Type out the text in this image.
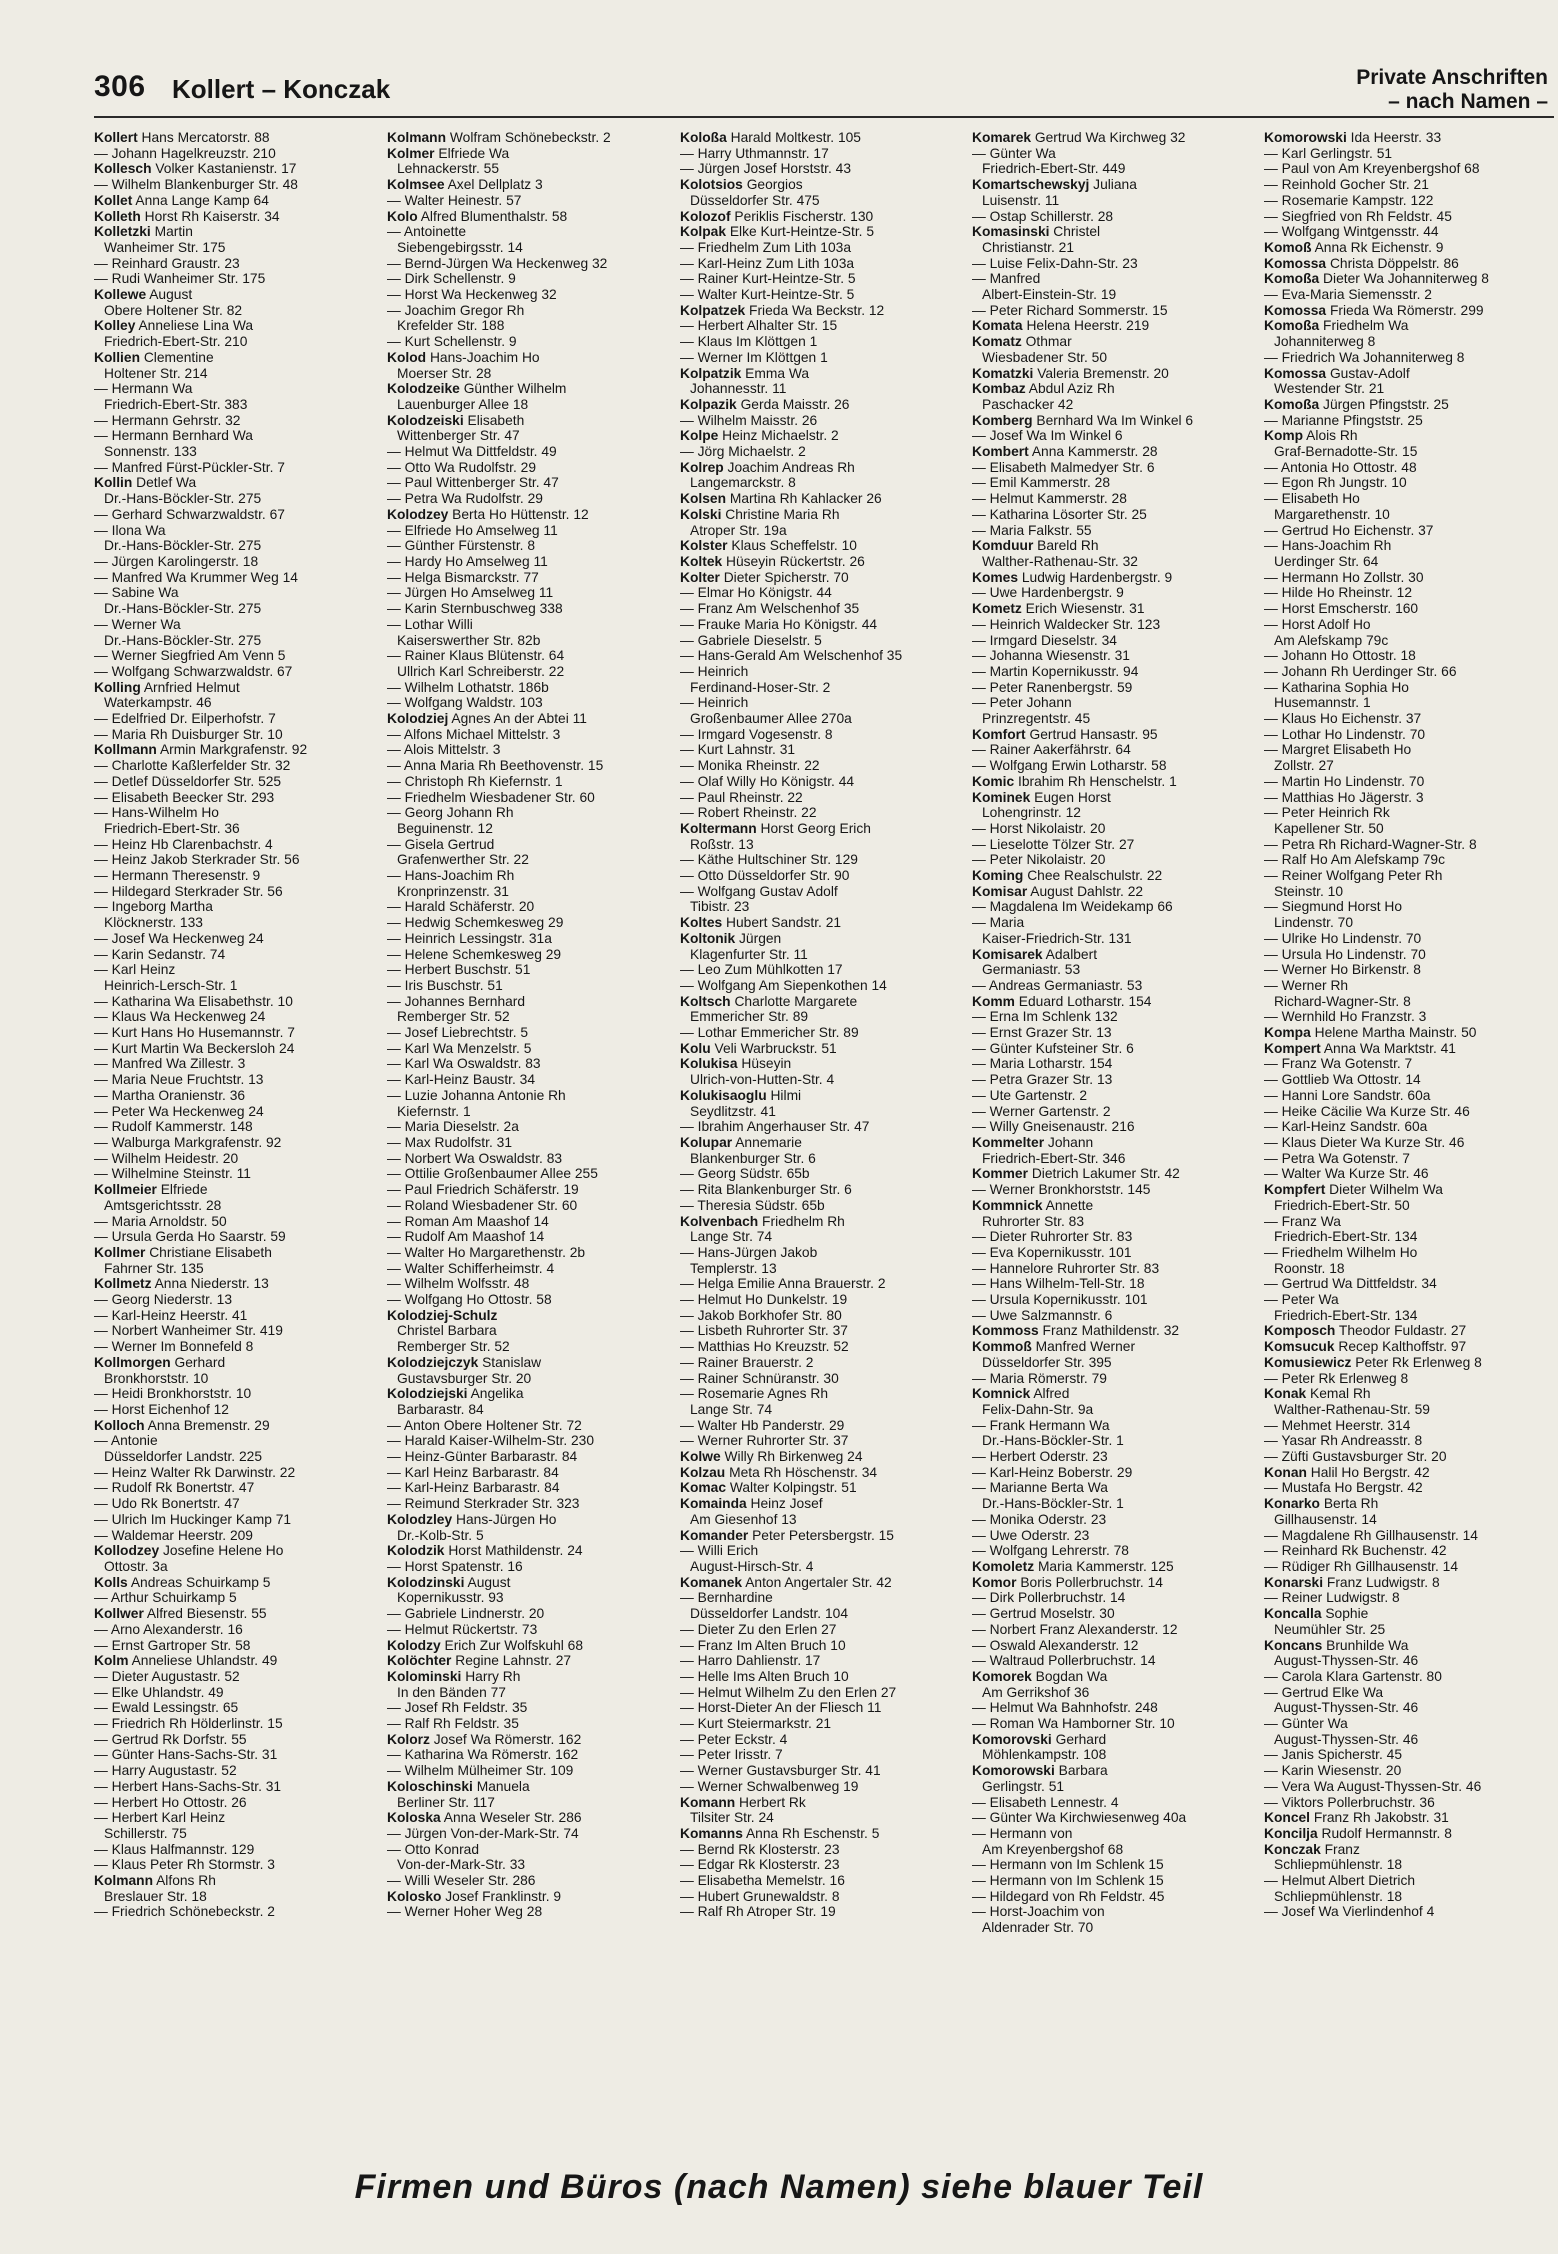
306 Kollert – Konczak	Private Anschriften
– nach Namen –
Kollert Hans Mercatorstr. 88
— Johann Hagelkreuzstr. 210
Kollesch Volker Kastanienstr. 17
— Wilhelm Blankenburger Str. 48
Kollet Anna Lange Kamp 64
Kolleth Horst Rh Kaiserstr. 34
Kolletzki Martin
Wanheimer Str. 175
— Reinhard Graustr. 23
— Rudi Wanheimer Str. 175
Kollewe August
Obere Holtener Str. 82
Kolley Anneliese Lina Wa
Friedrich-Ebert-Str. 210
Kollien Clementine
Holtener Str. 214
— Hermann Wa
Friedrich-Ebert-Str. 383
— Hermann Gehrstr. 32
— Hermann Bernhard Wa
Sonnenstr. 133
— Manfred Fürst-Pückler-Str. 7
Kollin Detlef Wa
Dr.-Hans-Böckler-Str. 275
— Gerhard Schwarzwaldstr. 67
— Ilona Wa
Dr.-Hans-Böckler-Str. 275
— Jürgen Karolingerstr. 18
— Manfred Wa Krummer Weg 14
— Sabine Wa
Dr.-Hans-Böckler-Str. 275
— Werner Wa
Dr.-Hans-Böckler-Str. 275
— Werner Siegfried Am Venn 5
— Wolfgang Schwarzwaldstr. 67
Kolling Arnfried Helmut
Waterkampstr. 46
— Edelfried Dr. Eilperhofstr. 7
— Maria Rh Duisburger Str. 10
Kollmann Armin Markgrafenstr. 92
— Charlotte Kaßlerfelder Str. 32
— Detlef Düsseldorfer Str. 525
— Elisabeth Beecker Str. 293
— Hans-Wilhelm Ho
Friedrich-Ebert-Str. 36
— Heinz Hb Clarenbachstr. 4
— Heinz Jakob Sterkrader Str. 56
— Hermann Theresenstr. 9
— Hildegard Sterkrader Str. 56
— Ingeborg Martha
Klöcknerstr. 133
— Josef Wa Heckenweg 24
— Karin Sedanstr. 74
— Karl Heinz
Heinrich-Lersch-Str. 1
— Katharina Wa Elisabethstr. 10
— Klaus Wa Heckenweg 24
— Kurt Hans Ho Husemannstr. 7
— Kurt Martin Wa Beckersloh 24
— Manfred Wa Zillestr. 3
— Maria Neue Fruchtstr. 13
— Martha Oranienstr. 36
— Peter Wa Heckenweg 24
— Rudolf Kammerstr. 148
— Walburga Markgrafenstr. 92
— Wilhelm Heidestr. 20
— Wilhelmine Steinstr. 11
Kollmeier Elfriede
Amtsgerichtsstr. 28
— Maria Arnoldstr. 50
— Ursula Gerda Ho Saarstr. 59
Kollmer Christiane Elisabeth
Fahrner Str. 135
Kollmetz Anna Niederstr. 13
— Georg Niederstr. 13
— Karl-Heinz Heerstr. 41
— Norbert Wanheimer Str. 419
— Werner Im Bonnefeld 8
Kollmorgen Gerhard
Bronkhorststr. 10
— Heidi Bronkhorststr. 10
— Horst Eichenhof 12
Kolloch Anna Bremenstr. 29
— Antonie
Düsseldorfer Landstr. 225
— Heinz Walter Rk Darwinstr. 22
— Rudolf Rk Bonertstr. 47
— Udo Rk Bonertstr. 47
— Ulrich Im Huckinger Kamp 71
— Waldemar Heerstr. 209
Kollodzey Josefine Helene Ho
Ottostr. 3a
Kolls Andreas Schuirkamp 5
— Arthur Schuirkamp 5
Kollwer Alfred Biesenstr. 55
— Arno Alexanderstr. 16
— Ernst Gartroper Str. 58
Kolm Anneliese Uhlandstr. 49
— Dieter Augustastr. 52
— Elke Uhlandstr. 49
— Ewald Lessingstr. 65
— Friedrich Rh Hölderlinstr. 15
— Gertrud Rk Dorfstr. 55
— Günter Hans-Sachs-Str. 31
— Harry Augustastr. 52
— Herbert Hans-Sachs-Str. 31
— Herbert Ho Ottostr. 26
— Herbert Karl Heinz
Schillerstr. 75
— Klaus Halfmannstr. 129
— Klaus Peter Rh Stormstr. 3
Kolmann Alfons Rh
Breslauer Str. 18
— Friedrich Schönebeckstr. 2
Kolmann Wolfram Schönebeckstr. 2
Kolmer Elfriede Wa
Lehnackerstr. 55
Kolmsee Axel Dellplatz 3
— Walter Heinestr. 57
Kolo Alfred Blumenthalstr. 58
— Antoinette
Siebengebirgsstr. 14
— Bernd-Jürgen Wa Heckenweg 32
— Dirk Schellenstr. 9
— Horst Wa Heckenweg 32
— Joachim Gregor Rh
Krefelder Str. 188
— Kurt Schellenstr. 9
Kolod Hans-Joachim Ho
Moerser Str. 28
Kolodzeike Günther Wilhelm
Lauenburger Allee 18
Kolodzeiski Elisabeth
Wittenberger Str. 47
— Helmut Wa Dittfeldstr. 49
— Otto Wa Rudolfstr. 29
— Paul Wittenberger Str. 47
— Petra Wa Rudolfstr. 29
Kolodzey Berta Ho Hüttenstr. 12
— Elfriede Ho Amselweg 11
— Günther Fürstenstr. 8
— Hardy Ho Amselweg 11
— Helga Bismarckstr. 77
— Jürgen Ho Amselweg 11
— Karin Sternbuschweg 338
— Lothar Willi
Kaiserswerther Str. 82b
— Rainer Klaus Blütenstr. 64
Ullrich Karl Schreiberstr. 22
— Wilhelm Lothatstr. 186b
— Wolfgang Waldstr. 103
Kolodziej Agnes An der Abtei 11
— Alfons Michael Mittelstr. 3
— Alois Mittelstr. 3
— Anna Maria Rh Beethovenstr. 15
— Christoph Rh Kiefernstr. 1
— Friedhelm Wiesbadener Str. 60
— Georg Johann Rh
Beguinenstr. 12
— Gisela Gertrud
Grafenwerther Str. 22
— Hans-Joachim Rh
Kronprinzenstr. 31
— Harald Schäferstr. 20
— Hedwig Schemkesweg 29
— Heinrich Lessingstr. 31a
— Helene Schemkesweg 29
— Herbert Buschstr. 51
— Iris Buschstr. 51
— Johannes Bernhard
Remberger Str. 52
— Josef Liebrechtstr. 5
— Karl Wa Menzelstr. 5
— Karl Wa Oswaldstr. 83
— Karl-Heinz Baustr. 34
— Luzie Johanna Antonie Rh
Kiefernstr. 1
— Maria Dieselstr. 2a
— Max Rudolfstr. 31
— Norbert Wa Oswaldstr. 83
— Ottilie Großenbaumer Allee 255
— Paul Friedrich Schäferstr. 19
— Roland Wiesbadener Str. 60
— Roman Am Maashof 14
— Rudolf Am Maashof 14
— Walter Ho Margarethenstr. 2b
— Walter Schifferheimstr. 4
— Wilhelm Wolfsstr. 48
— Wolfgang Ho Ottostr. 58
Kolodziej-Schulz
Christel Barbara
Remberger Str. 52
Kolodziejczyk Stanislaw
Gustavsburger Str. 20
Kolodziejski Angelika
Barbarastr. 84
— Anton Obere Holtener Str. 72
— Harald Kaiser-Wilhelm-Str. 230
— Heinz-Günter Barbarastr. 84
— Karl Heinz Barbarastr. 84
— Karl-Heinz Barbarastr. 84
— Reimund Sterkrader Str. 323
Kolodzley Hans-Jürgen Ho
Dr.-Kolb-Str. 5
Kolodzik Horst Mathildenstr. 24
— Horst Spatenstr. 16
Kolodzinski August
Kopernikusstr. 93
— Gabriele Lindnerstr. 20
— Helmut Rückertstr. 73
Kolodzy Erich Zur Wolfskuhl 68
Kolöchter Regine Lahnstr. 27
Kolominski Harry Rh
In den Bänden 77
— Josef Rh Feldstr. 35
— Ralf Rh Feldstr. 35
Kolorz Josef Wa Römerstr. 162
— Katharina Wa Römerstr. 162
— Wilhelm Mülheimer Str. 109
Koloschinski Manuela
Berliner Str. 117
Koloska Anna Weseler Str. 286
— Jürgen Von-der-Mark-Str. 74
— Otto Konrad
Von-der-Mark-Str. 33
— Willi Weseler Str. 286
Kolosko Josef Franklinstr. 9
— Werner Hoher Weg 28
Koloßa Harald Moltkestr. 105
— Harry Uthmannstr. 17
— Jürgen Josef Horststr. 43
Kolotsios Georgios
Düsseldorfer Str. 475
Kolozof Periklis Fischerstr. 130
Kolpak Elke Kurt-Heintze-Str. 5
— Friedhelm Zum Lith 103a
— Karl-Heinz Zum Lith 103a
— Rainer Kurt-Heintze-Str. 5
— Walter Kurt-Heintze-Str. 5
Kolpatzek Frieda Wa Beckstr. 12
— Herbert Alhalter Str. 15
— Klaus Im Klöttgen 1
— Werner Im Klöttgen 1
Kolpatzik Emma Wa
Johannesstr. 11
Kolpazik Gerda Maisstr. 26
— Wilhelm Maisstr. 26
Kolpe Heinz Michaelstr. 2
— Jörg Michaelstr. 2
Kolrep Joachim Andreas Rh
Langemarckstr. 8
Kolsen Martina Rh Kahlacker 26
Kolski Christine Maria Rh
Atroper Str. 19a
Kolster Klaus Scheffelstr. 10
Koltek Hüseyin Rückertstr. 26
Kolter Dieter Spicherstr. 70
— Elmar Ho Königstr. 44
— Franz Am Welschenhof 35
— Frauke Maria Ho Königstr. 44
— Gabriele Dieselstr. 5
— Hans-Gerald Am Welschenhof 35
— Heinrich
Ferdinand-Hoser-Str. 2
— Heinrich
Großenbaumer Allee 270a
— Irmgard Vogesenstr. 8
— Kurt Lahnstr. 31
— Monika Rheinstr. 22
— Olaf Willy Ho Königstr. 44
— Paul Rheinstr. 22
— Robert Rheinstr. 22
Koltermann Horst Georg Erich
Roßstr. 13
— Käthe Hultschiner Str. 129
— Otto Düsseldorfer Str. 90
— Wolfgang Gustav Adolf
Tibistr. 23
Koltes Hubert Sandstr. 21
Koltonik Jürgen
Klagenfurter Str. 11
— Leo Zum Mühlkotten 17
— Wolfgang Am Siepenkothen 14
Koltsch Charlotte Margarete
Emmericher Str. 89
— Lothar Emmericher Str. 89
Kolu Veli Warbruckstr. 51
Kolukisa Hüseyin
Ulrich-von-Hutten-Str. 4
Kolukisaoglu Hilmi
Seydlitzstr. 41
— Ibrahim Angerhauser Str. 47
Kolupar Annemarie
Blankenburger Str. 6
— Georg Südstr. 65b
— Rita Blankenburger Str. 6
— Theresia Südstr. 65b
Kolvenbach Friedhelm Rh
Lange Str. 74
— Hans-Jürgen Jakob
Templerstr. 13
— Helga Emilie Anna Brauerstr. 2
— Helmut Ho Dunkelstr. 19
— Jakob Borkhofer Str. 80
— Lisbeth Ruhrorter Str. 37
— Matthias Ho Kreuzstr. 52
— Rainer Brauerstr. 2
— Rainer Schnüranstr. 30
— Rosemarie Agnes Rh
Lange Str. 74
— Walter Hb Panderstr. 29
— Werner Ruhrorter Str. 37
Kolwe Willy Rh Birkenweg 24
Kolzau Meta Rh Höschenstr. 34
Komac Walter Kolpingstr. 51
Komainda Heinz Josef
Am Giesenhof 13
Komander Peter Petersbergstr. 15
— Willi Erich
August-Hirsch-Str. 4
Komanek Anton Angertaler Str. 42
— Bernhardine
Düsseldorfer Landstr. 104
— Dieter Zu den Erlen 27
— Franz Im Alten Bruch 10
— Harro Dahlienstr. 17
— Helle Ims Alten Bruch 10
— Helmut Wilhelm Zu den Erlen 27
— Horst-Dieter An der Fliesch 11
— Kurt Steiermarkstr. 21
— Peter Eckstr. 4
— Peter Irisstr. 7
— Werner Gustavsburger Str. 41
— Werner Schwalbenweg 19
Komann Herbert Rk
Tilsiter Str. 24
Komanns Anna Rh Eschenstr. 5
— Bernd Rk Klosterstr. 23
— Edgar Rk Klosterstr. 23
— Elisabetha Memelstr. 16
— Hubert Grunewaldstr. 8
— Ralf Rh Atroper Str. 19
Komarek Gertrud Wa Kirchweg 32
— Günter Wa
Friedrich-Ebert-Str. 449
Komartschewskyj Juliana
Luisenstr. 11
— Ostap Schillerstr. 28
Komasinski Christel
Christianstr. 21
— Luise Felix-Dahn-Str. 23
— Manfred
Albert-Einstein-Str. 19
— Peter Richard Sommerstr. 15
Komata Helena Heerstr. 219
Komatz Othmar
Wiesbadener Str. 50
Komatzki Valeria Bremenstr. 20
Kombaz Abdul Aziz Rh
Paschacker 42
Komberg Bernhard Wa Im Winkel 6
— Josef Wa Im Winkel 6
Kombert Anna Kammerstr. 28
— Elisabeth Malmedyer Str. 6
— Emil Kammerstr. 28
— Helmut Kammerstr. 28
— Katharina Lösorter Str. 25
— Maria Falkstr. 55
Komduur Bareld Rh
Walther-Rathenau-Str. 32
Komes Ludwig Hardenbergstr. 9
— Uwe Hardenbergstr. 9
Kometz Erich Wiesenstr. 31
— Heinrich Waldecker Str. 123
— Irmgard Dieselstr. 34
— Johanna Wiesenstr. 31
— Martin Kopernikusstr. 94
— Peter Ranenbergstr. 59
— Peter Johann
Prinzregentstr. 45
Komfort Gertrud Hansastr. 95
— Rainer Aakerfährstr. 64
— Wolfgang Erwin Lotharstr. 58
Komic Ibrahim Rh Henschelstr. 1
Kominek Eugen Horst
Lohengrinstr. 12
— Horst Nikolaistr. 20
— Lieselotte Tölzer Str. 27
— Peter Nikolaistr. 20
Koming Chee Realschulstr. 22
Komisar August Dahlstr. 22
— Magdalena Im Weidekamp 66
— Maria
Kaiser-Friedrich-Str. 131
Komisarek Adalbert
Germaniastr. 53
— Andreas Germaniastr. 53
Komm Eduard Lotharstr. 154
— Erna Im Schlenk 132
— Ernst Grazer Str. 13
— Günter Kufsteiner Str. 6
— Maria Lotharstr. 154
— Petra Grazer Str. 13
— Ute Gartenstr. 2
— Werner Gartenstr. 2
— Willy Gneisenaustr. 216
Kommelter Johann
Friedrich-Ebert-Str. 346
Kommer Dietrich Lakumer Str. 42
— Werner Bronkhorststr. 145
Kommnick Annette
Ruhrorter Str. 83
— Dieter Ruhrorter Str. 83
— Eva Kopernikusstr. 101
— Hannelore Ruhrorter Str. 83
— Hans Wilhelm-Tell-Str. 18
— Ursula Kopernikusstr. 101
— Uwe Salzmannstr. 6
Kommoss Franz Mathildenstr. 32
Kommoß Manfred Werner
Düsseldorfer Str. 395
— Maria Römerstr. 79
Komnick Alfred
Felix-Dahn-Str. 9a
— Frank Hermann Wa
Dr.-Hans-Böckler-Str. 1
— Herbert Oderstr. 23
— Karl-Heinz Boberstr. 29
— Marianne Berta Wa
Dr.-Hans-Böckler-Str. 1
— Monika Oderstr. 23
— Uwe Oderstr. 23
— Wolfgang Lehrerstr. 78
Komoletz Maria Kammerstr. 125
Komor Boris Pollerbruchstr. 14
— Dirk Pollerbruchstr. 14
— Gertrud Moselstr. 30
— Norbert Franz Alexanderstr. 12
— Oswald Alexanderstr. 12
— Waltraud Pollerbruchstr. 14
Komorek Bogdan Wa
Am Gerrikshof 36
— Helmut Wa Bahnhofstr. 248
— Roman Wa Hamborner Str. 10
Komorovski Gerhard
Möhlenkampstr. 108
Komorowski Barbara
Gerlingstr. 51
— Elisabeth Lennestr. 4
— Günter Wa Kirchwiesenweg 40a
— Hermann von
Am Kreyenbergshof 68
— Hermann von Im Schlenk 15
— Hermann von Im Schlenk 15
— Hildegard von Rh Feldstr. 45
— Horst-Joachim von
Aldenrader Str. 70
Komorowski Ida Heerstr. 33
— Karl Gerlingstr. 51
— Paul von Am Kreyenbergshof 68
— Reinhold Gocher Str. 21
— Rosemarie Kampstr. 122
— Siegfried von Rh Feldstr. 45
— Wolfgang Wintgensstr. 44
Komoß Anna Rk Eichenstr. 9
Komossa Christa Döppelstr. 86
Komoßa Dieter Wa Johanniterweg 8
— Eva-Maria Siemensstr. 2
Komossa Frieda Wa Römerstr. 299
Komoßa Friedhelm Wa
Johanniterweg 8
— Friedrich Wa Johanniterweg 8
Komossa Gustav-Adolf
Westender Str. 21
Komoßa Jürgen Pfingststr. 25
— Marianne Pfingststr. 25
Komp Alois Rh
Graf-Bernadotte-Str. 15
— Antonia Ho Ottostr. 48
— Egon Rh Jungstr. 10
— Elisabeth Ho
Margarethenstr. 10
— Gertrud Ho Eichenstr. 37
— Hans-Joachim Rh
Uerdinger Str. 64
— Hermann Ho Zollstr. 30
— Hilde Ho Rheinstr. 12
— Horst Emscherstr. 160
— Horst Adolf Ho
Am Alefskamp 79c
— Johann Ho Ottostr. 18
— Johann Rh Uerdinger Str. 66
— Katharina Sophia Ho
Husemannstr. 1
— Klaus Ho Eichenstr. 37
— Lothar Ho Lindenstr. 70
— Margret Elisabeth Ho
Zollstr. 27
— Martin Ho Lindenstr. 70
— Matthias Ho Jägerstr. 3
— Peter Heinrich Rk
Kapellener Str. 50
— Petra Rh Richard-Wagner-Str. 8
— Ralf Ho Am Alefskamp 79c
— Reiner Wolfgang Peter Rh
Steinstr. 10
— Siegmund Horst Ho
Lindenstr. 70
— Ulrike Ho Lindenstr. 70
— Ursula Ho Lindenstr. 70
— Werner Ho Birkenstr. 8
— Werner Rh
Richard-Wagner-Str. 8
— Wernhild Ho Franzstr. 3
Kompa Helene Martha Mainstr. 50
Kompert Anna Wa Marktstr. 41
— Franz Wa Gotenstr. 7
— Gottlieb Wa Ottostr. 14
— Hanni Lore Sandstr. 60a
— Heike Cäcilie Wa Kurze Str. 46
— Karl-Heinz Sandstr. 60a
— Klaus Dieter Wa Kurze Str. 46
— Petra Wa Gotenstr. 7
— Walter Wa Kurze Str. 46
Kompfert Dieter Wilhelm Wa
Friedrich-Ebert-Str. 50
— Franz Wa
Friedrich-Ebert-Str. 134
— Friedhelm Wilhelm Ho
Roonstr. 18
— Gertrud Wa Dittfeldstr. 34
— Peter Wa
Friedrich-Ebert-Str. 134
Komposch Theodor Fuldastr. 27
Komsucuk Recep Kalthoffstr. 97
Komusiewicz Peter Rk Erlenweg 8
— Peter Rk Erlenweg 8
Konak Kemal Rh
Walther-Rathenau-Str. 59
— Mehmet Heerstr. 314
— Yasar Rh Andreasstr. 8
— Züfti Gustavsburger Str. 20
Konan Halil Ho Bergstr. 42
— Mustafa Ho Bergstr. 42
Konarko Berta Rh
Gillhausenstr. 14
— Magdalene Rh Gillhausenstr. 14
— Reinhard Rk Buchenstr. 42
— Rüdiger Rh Gillhausenstr. 14
Konarski Franz Ludwigstr. 8
— Reiner Ludwigstr. 8
Koncalla Sophie
Neumühler Str. 25
Koncans Brunhilde Wa
August-Thyssen-Str. 46
— Carola Klara Gartenstr. 80
— Gertrud Elke Wa
August-Thyssen-Str. 46
— Günter Wa
August-Thyssen-Str. 46
— Janis Spicherstr. 45
— Karin Wiesenstr. 20
— Vera Wa August-Thyssen-Str. 46
— Viktors Pollerbruchstr. 36
Koncel Franz Rh Jakobstr. 31
Koncilja Rudolf Hermannstr. 8
Konczak Franz
Schliepmühlenstr. 18
— Helmut Albert Dietrich
Schliepmühlenstr. 18
— Josef Wa Vierlindenhof 4
Firmen und Büros (nach Namen) siehe blauer Teil
